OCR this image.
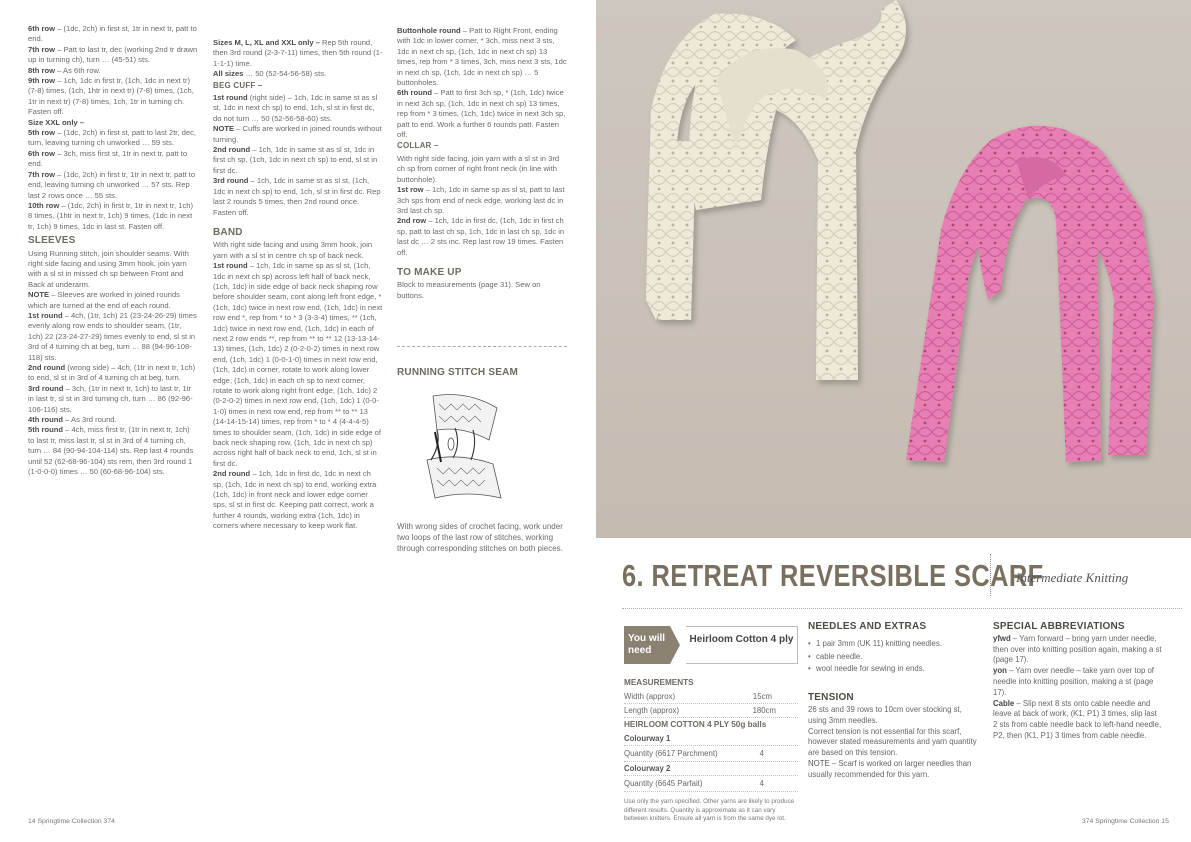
6th row – (1dc, 2ch) in first st, 1tr in next tr, patt to end.

7th row – Patt to last tr, dec (working 2nd tr drawn up in turning ch), turn … (45-51) sts.

8th row – As 6th row.

9th row – 1ch, 1dc in first tr, (1ch, 1dc in next tr) (7-8) times, (1ch, 1htr in next tr) (7-8) times, (1ch, 1tr in next tr) (7-8) times, 1ch, 1tr in turning ch. Fasten off.

Size XXL only –

5th row – (1dc, 2ch) in first st, patt to last 2tr, dec, turn, leaving turning ch unworked … 59 sts.

6th row – 3ch, miss first st, 1tr in next tr, patt to end.

7th row – (1dc, 2ch) in first tr, 1tr in next tr, patt to end, leaving turning ch unworked … 57 sts. Rep last 2 rows once … 55 sts.

10th row – (1dc, 2ch) in first tr, 1tr in next tr, 1ch) 8 times, (1htr in next tr, 1ch) 9 times, (1dc in next tr, 1ch) 9 times, 1dc in last st. Fasten off.

SLEEVES

Using Running stitch, join shoulder seams. With right side facing and using 3mm hook, join yarn with a sl st in missed ch sp between Front and Back at underarm.

NOTE – Sleeves are worked in joined rounds which are turned at the end of each round.

1st round – 4ch, (1tr, 1ch) 21 (23-24-26-29) times evenly along row ends to shoulder seam, (1tr, 1ch) 22 (23-24-27-29) times evenly to end, sl st in 3rd of 4 turning ch at beg, turn … 88 (94-96-108-118) sts.

2nd round (wrong side) – 4ch, (1tr in next tr, 1ch) to end, sl st in 3rd of 4 turning ch at beg, turn.

3rd round – 3ch, (1tr in next tr, 1ch) to last tr, 1tr in last tr, sl st in 3rd turning ch, turn … 86 (92-96-106-116) sts.

4th round – As 3rd round.

5th round – 4ch, miss first tr, (1tr in next tr, 1ch) to last tr, miss last tr, sl st in 3rd of 4 turning ch, turn … 84 (90-94-104-114) sts. Rep last 4 rounds until 52 (62-68-96-104) sts rem, then 3rd round 1 (1-0-0-0) times … 50 (60-68-96-104) sts.

Sizes M, L, XL and XXL only – Rep 5th round, then 3rd round (2-3-7-11) times, then 5th round (1-1-1-1) time.

All sizes … 50 (52-54-56-58) sts.

BEG CUFF –

1st round (right side) – 1ch, 1dc in same st as sl st, 1dc in next ch sp) to end, 1ch, sl st in first dc, do not turn … 50 (52-56-58-60) sts.

NOTE – Cuffs are worked in joined rounds without turning.

2nd round – 1ch, 1dc in same st as sl st, 1dc in first ch sp, (1ch, 1dc in next ch sp) to end, sl st in first dc.

3rd round – 1ch, 1dc in same st as sl st, (1ch, 1dc in next ch sp) to end, 1ch, sl st in first dc. Rep last 2 rounds 5 times, then 2nd round once. Fasten off.

BAND

With right side facing and using 3mm hook, join yarn with a sl st in centre ch sp of back neck.

1st round – 1ch, 1dc in same sp as sl st, (1ch, 1dc in next ch sp) across left half of back neck, (1ch, 1dc) in side edge of back neck shaping row before shoulder seam, cont along left front edge, * (1ch, 1dc) twice in next row end, (1ch, 1dc) in next row end *, rep from * to * 3 (3-3-4) times, ** (1ch, 1dc) twice in next row end, (1ch, 1dc) in each of next 2 row ends **, rep from ** to ** 12 (13-13-14-13) times, (1ch, 1dc) 2 (0-2-0-2) times in next row end, (1ch, 1dc) 1 (0-0-1-0) times in next row end, (1ch, 1dc) in corner, rotate to work along lower edge, (1ch, 1dc) in each ch sp to next corner, rotate to work along right front edge, (1ch, 1dc) 2 (0-2-0-2) times in next row end, (1ch, 1dc) 1 (0-0-1-0) times in next row end, rep from ** to ** 13 (14-14-15-14) times, rep from * to * 4 (4-4-4-5) times to shoulder seam, (1ch, 1dc) in side edge of back neck shaping row, (1ch, 1dc in next ch sp) across right half of back neck to end, 1ch, sl st in first dc.

2nd round – 1ch, 1dc in first dc, 1dc in next ch sp, (1ch, 1dc in next ch sp) to end, working extra (1ch, 1dc) in front neck and lower edge corner sps, sl st in first dc. Keeping patt correct, work a further 4 rounds, working extra (1ch, 1dc) in corners where necessary to keep work flat.

Buttonhole round – Patt to Right Front, ending with 1dc in lower corner, * 3ch, miss next 3 sts, 1dc in next ch sp, (1ch, 1dc in next ch sp) 13 times, rep from * 3 times, 3ch, miss next 3 sts, 1dc in next ch sp, (1ch, 1dc in next ch sp) … 5 buttonholes.

6th round – Patt to first 3ch sp, * (1ch, 1dc) twice in next 3ch sp, (1ch, 1dc in next ch sp) 13 times, rep from * 3 times, (1ch, 1dc) twice in next 3ch sp, patt to end. Work a further 6 rounds patt. Fasten off.

COLLAR –

With right side facing, join yarn with a sl st in 3rd ch sp from corner of right front neck (in line with buttonhole).

1st row – 1ch, 1dc in same sp as sl st, patt to last 3ch sps from end of neck edge, working last dc in 3rd last ch sp.

2nd row – 1ch, 1dc in first dc, (1ch, 1dc in first ch sp, patt to last ch sp, 1ch, 1dc in last ch sp, 1dc in last dc … 2 sts inc. Rep last row 19 times. Fasten off.

TO MAKE UP

Block to measurements (page 31). Sew on buttons.

RUNNING STITCH SEAM

With wrong sides of crochet facing, work under two loops of the last row of stitches, working through corresponding stitches on both pieces.

14 Springtime Collection 374
6. RETREAT REVERSIBLE SCARF
Intermediate Knitting
You will need
Heirloom Cotton 4 ply
MEASUREMENTS
Width (approx)	15cm
Length (approx)	180cm
HEIRLOOM COTTON 4 PLY 50g balls
Colourway 1
Quantity (6617 Parchment)	4
Colourway 2
Quantity (6645 Parfait)	4
Use only the yarn specified. Other yarns are likely to produce different results. Quantity is approximate as it can vary between knitters. Ensure all yarn is from the same dye lot.
NEEDLES AND EXTRAS
• 1 pair 3mm (UK 11) knitting needles.
• cable needle.
• wool needle for sewing in ends.
TENSION

26 sts and 39 rows to 10cm over stocking st, using 3mm needles.

Correct tension is not essential for this scarf, however stated measurements and yarn quantity are based on this tension.

NOTE – Scarf is worked on larger needles than usually recommended for this yarn.

SPECIAL ABBREVIATIONS

yfwd – Yarn forward – bring yarn under needle, then over into knitting position again, making a st (page 17).

yon – Yarn over needle – take yarn over top of needle into knitting position, making a st (page 17).

Cable – Slip next 8 sts onto cable needle and leave at back of work, (K1, P1) 3 times, slip last 2 sts from cable needle back to left-hand needle, P2, then (K1, P1) 3 times from cable needle.

374 Springtime Collection 15
